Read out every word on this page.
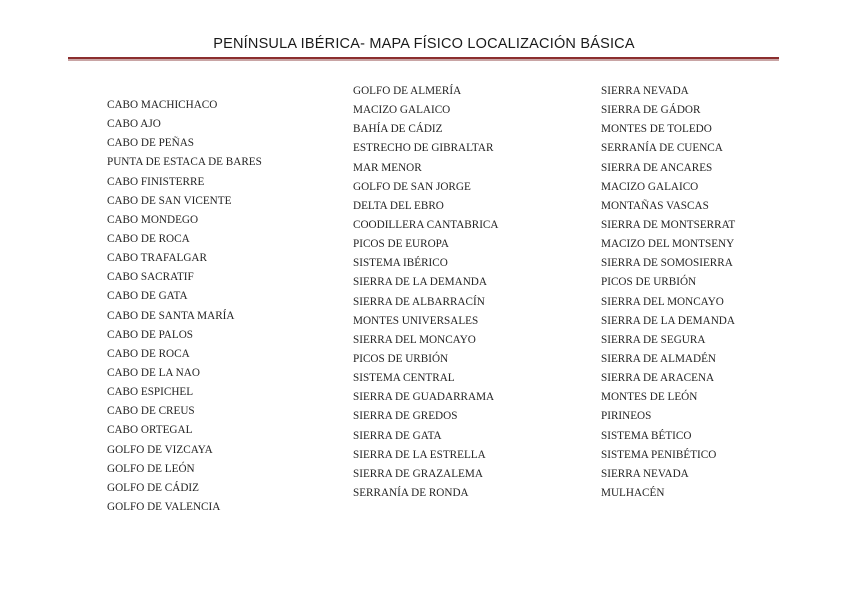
PENÍNSULA IBÉRICA- MAPA FÍSICO LOCALIZACIÓN BÁSICA
CABO MACHICHACO
CABO AJO
CABO DE PEÑAS
PUNTA DE ESTACA DE BARES
CABO FINISTERRE
CABO DE SAN VICENTE
CABO MONDEGO
CABO DE ROCA
CABO TRAFALGAR
CABO SACRATIF
CABO DE GATA
CABO DE SANTA MARÍA
CABO DE PALOS
CABO DE ROCA
CABO DE LA NAO
CABO ESPICHEL
CABO DE CREUS
CABO ORTEGAL
GOLFO DE VIZCAYA
GOLFO DE LEÓN
GOLFO DE CÁDIZ
GOLFO DE VALENCIA
GOLFO DE ALMERÍA
MACIZO GALAICO
BAHÍA DE CÁDIZ
ESTRECHO DE GIBRALTAR
MAR MENOR
GOLFO DE SAN JORGE
DELTA DEL EBRO
COODILLERA CANTABRICA
PICOS DE EUROPA
SISTEMA IBÉRICO
SIERRA DE LA DEMANDA
SIERRA DE ALBARRACÍN
MONTES UNIVERSALES
SIERRA DEL MONCAYO
PICOS DE URBIÓN
SISTEMA CENTRAL
SIERRA DE GUADARRAMA
SIERRA DE GREDOS
SIERRA DE GATA
SIERRA DE LA ESTRELLA
SIERRA DE GRAZALEMA
SERRANÍA DE RONDA
SIERRA NEVADA
SIERRA DE GÁDOR
MONTES DE TOLEDO
SERRANÍA DE CUENCA
SIERRA DE ANCARES
MACIZO GALAICO
MONTAÑAS VASCAS
SIERRA DE MONTSERRAT
MACIZO DEL MONTSENY
SIERRA DE SOMOSIERRA
PICOS DE URBIÓN
SIERRA DEL MONCAYO
SIERRA DE LA DEMANDA
SIERRA DE SEGURA
SIERRA DE ALMADÉN
SIERRA DE ARACENA
MONTES DE LEÓN
PIRINEOS
SISTEMA BÉTICO
SISTEMA PENIBÉTICO
SIERRA NEVADA
MULHACÉN
